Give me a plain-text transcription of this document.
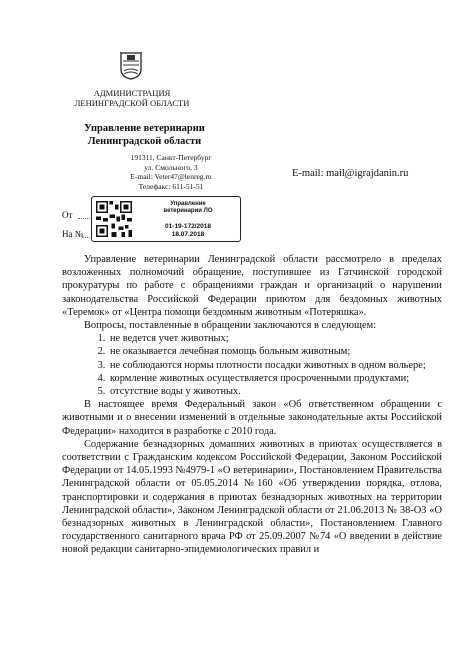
АДМИНИСТРАЦИЯ
ЛЕНИНГРАДСКОЙ ОБЛАСТИ
Управление ветеринарии
Ленинградской области
191311, Санкт-Петербург
ул. Смольного, 3
E-mail: Veter47@lenreg.ru
Телефакс: 611-51-51
E-mail: mail@igrajdanin.ru
От
На №
Управление
ветеринарии ЛО
01-19-172/2018
18.07.2018

Управление ветеринарии Ленинградской области рассмотрело в пределах возложенных полномочий обращение, поступившее из Гатчинской городской прокуратуры по работе с обращениями граждан и организаций о нарушении законодательства Российской Федерации приютом для бездомных животных «Теремок» от «Центра помощи бездомным животным «Потеряшка».

Вопросы, поставленные в обращении заключаются в следующем:

1. не ведется учет животных;
2. не оказывается лечебная помощь больным животным;
3. не соблюдаются нормы плотности посадки животных в одном вольере;
4. кормление животных осуществляется просроченными продуктами;
5. отсутствие воды у животных.

В настоящее время Федеральный закон «Об ответственном обращении с животными и о внесении изменений в отдельные законодательные акты Российской Федерации» находится в разработке с 2010 года.

Содержание безнадзорных домашних животных в приютах осуществляется в соответствии с Гражданским кодексом Российской Федерации, Законом Российской Федерации от 14.05.1993 №4979-1 «О ветеринарии», Постановлением Правительства Ленинградской области от 05.05.2014 №160 «Об утверждении порядка, отлова, транспортировки и содержания в приютах безнадзорных животных на территории Ленинградской области», Законом Ленинградской области от 21.06.2013 № 38-ОЗ «О безнадзорных животных в Ленинградской области», Постановлением Главного государственного санитарного врача РФ от 25.09.2007 №74 «О введении в действие новой редакции санитарно-эпидемиологических правил и
